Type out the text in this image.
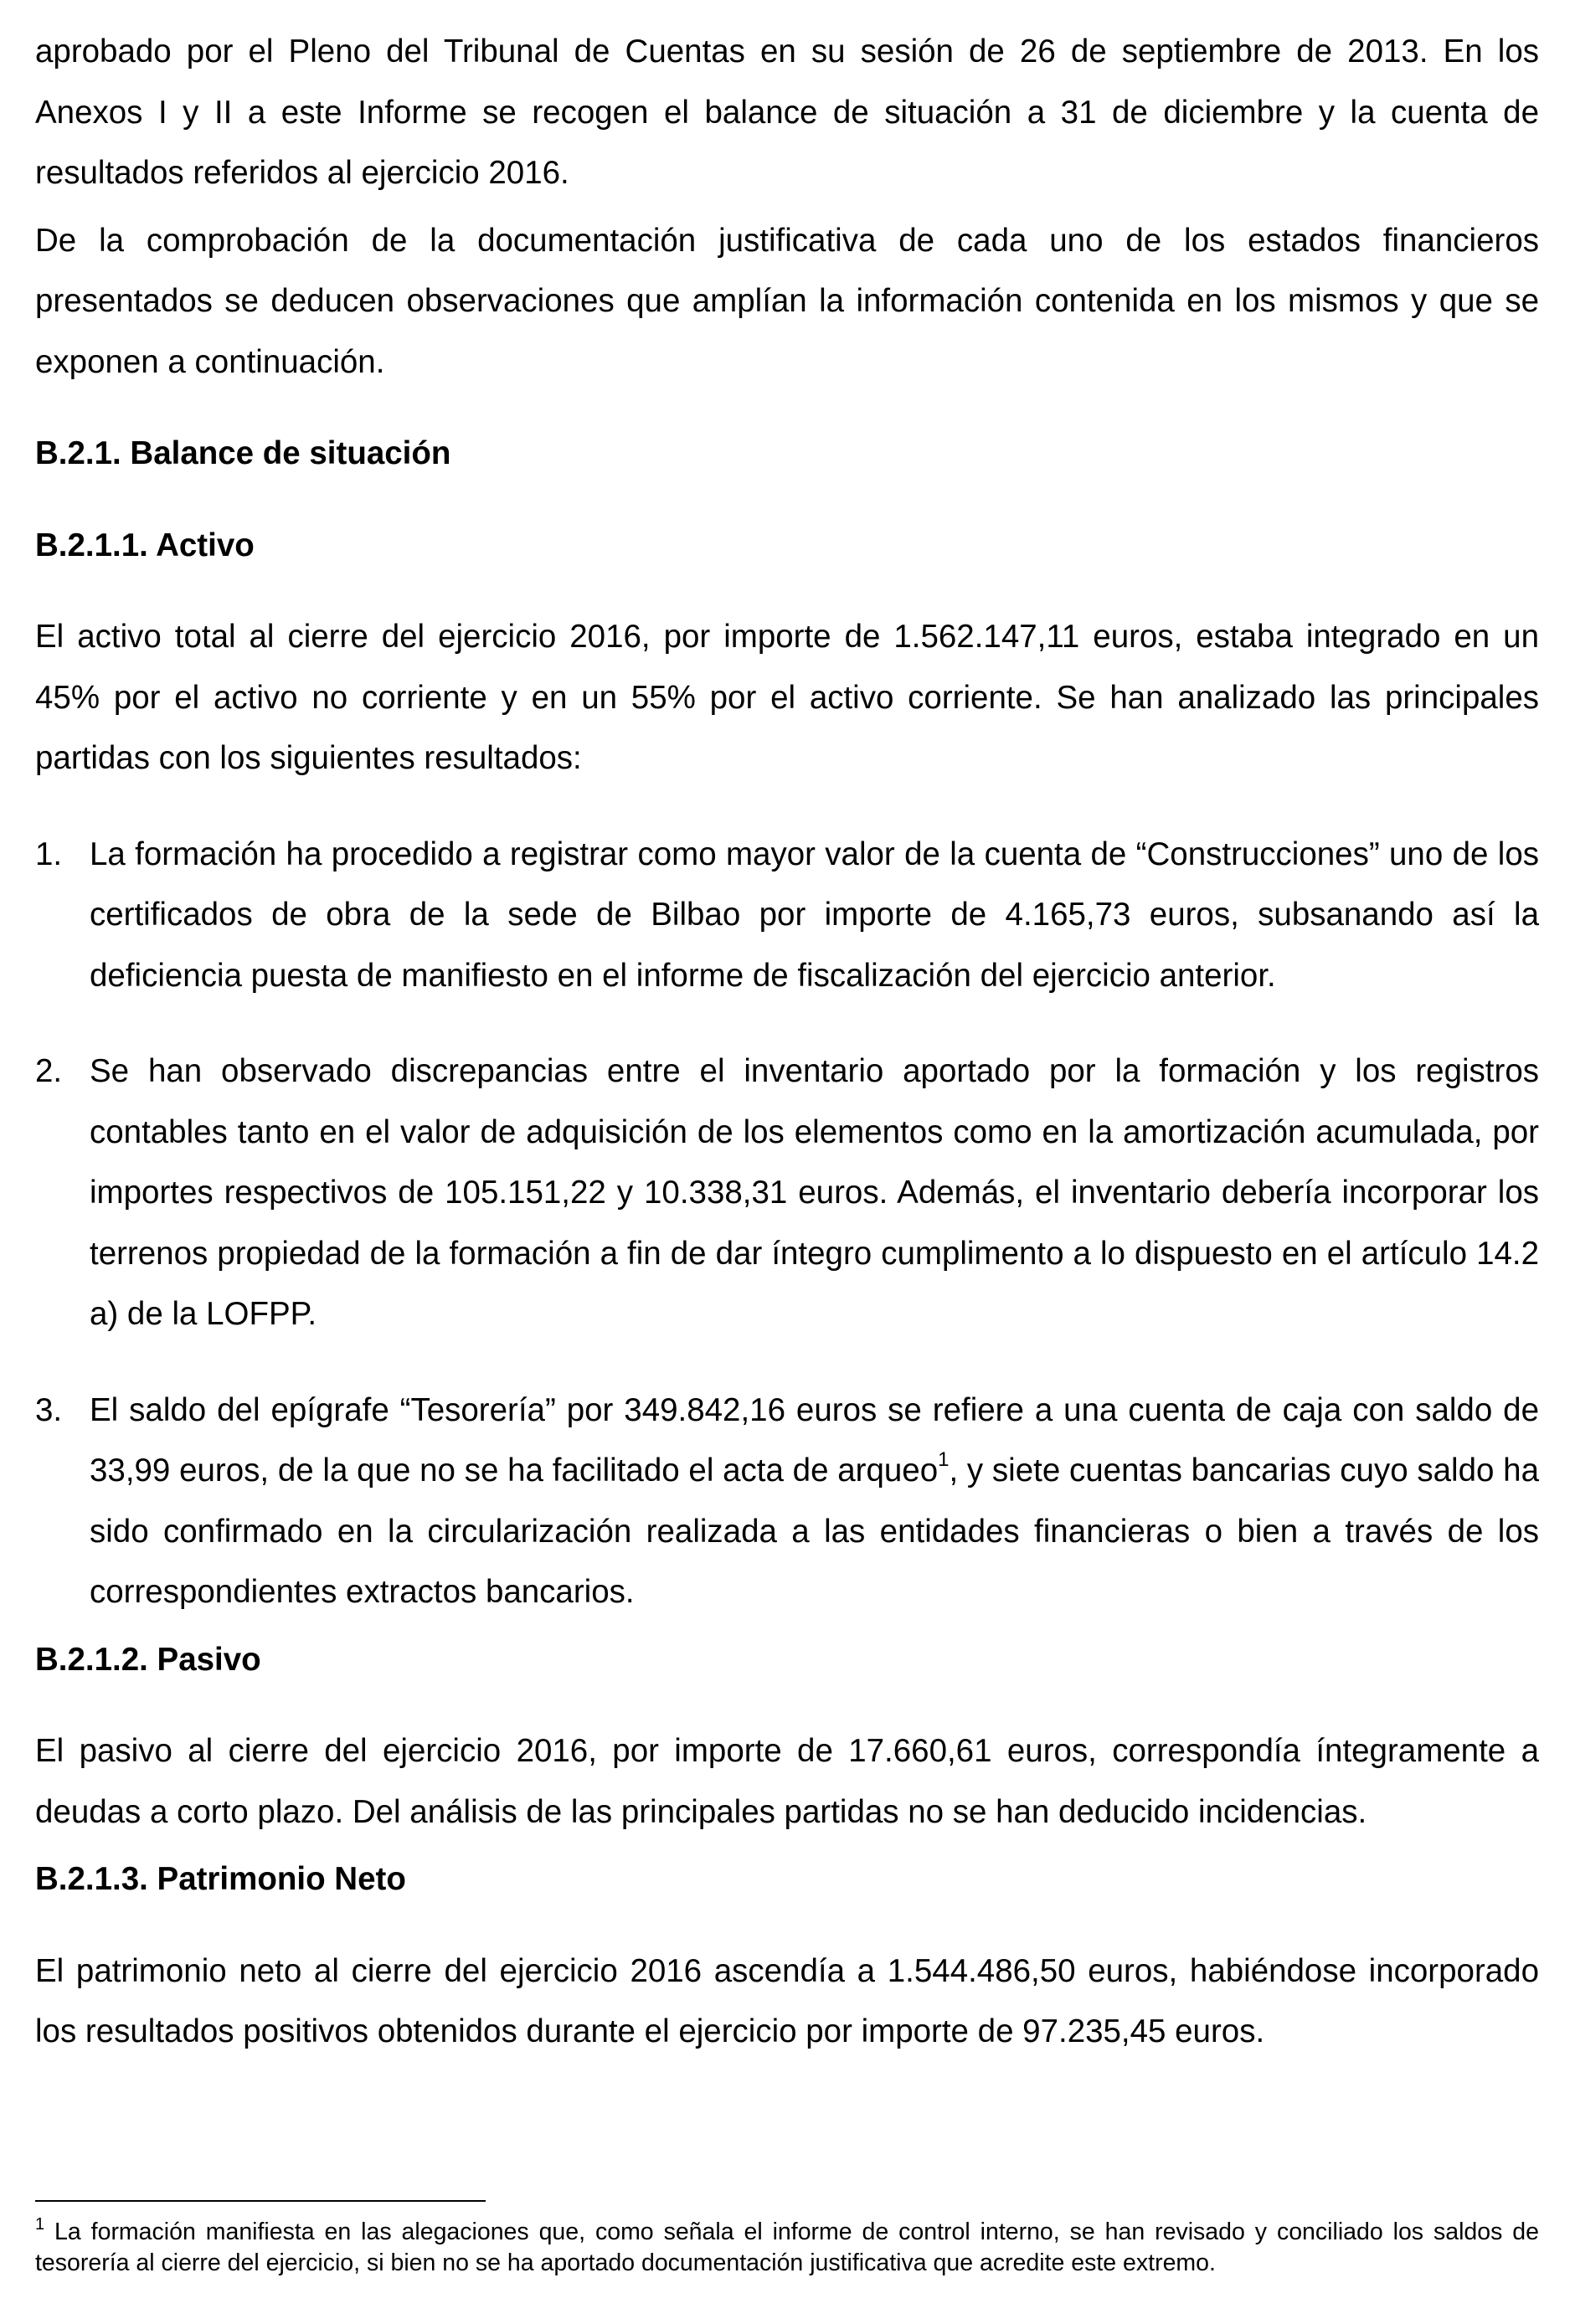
aprobado por el Pleno del Tribunal de Cuentas en su sesión de 26 de septiembre de 2013. En los Anexos I y II a este Informe se recogen el balance de situación a 31 de diciembre y la cuenta de resultados referidos al ejercicio 2016.

De la comprobación de la documentación justificativa de cada uno de los estados financieros presentados se deducen observaciones que amplían la información contenida en los mismos y que se exponen a continuación.

B.2.1. Balance de situación
B.2.1.1. Activo

El activo total al cierre del ejercicio 2016, por importe de 1.562.147,11 euros, estaba integrado en un 45% por el activo no corriente y en un 55% por el activo corriente. Se han analizado las principales partidas con los siguientes resultados:

1. La formación ha procedido a registrar como mayor valor de la cuenta de “Construcciones” uno de los certificados de obra de la sede de Bilbao por importe de 4.165,73 euros, subsanando así la deficiencia puesta de manifiesto en el informe de fiscalización del ejercicio anterior.

2. Se han observado discrepancias entre el inventario aportado por la formación y los registros contables tanto en el valor de adquisición de los elementos como en la amortización acumulada, por importes respectivos de 105.151,22 y 10.338,31 euros. Además, el inventario debería incorporar los terrenos propiedad de la formación a fin de dar íntegro cumplimento a lo dispuesto en el artículo 14.2 a) de la LOFPP.

3. El saldo del epígrafe “Tesorería” por 349.842,16 euros se refiere a una cuenta de caja con saldo de 33,99 euros, de la que no se ha facilitado el acta de arqueo$^1$, y siete cuentas bancarias cuyo saldo ha sido confirmado en la circularización realizada a las entidades financieras o bien a través de los correspondientes extractos bancarios.

B.2.1.2. Pasivo

El pasivo al cierre del ejercicio 2016, por importe de 17.660,61 euros, correspondía íntegramente a deudas a corto plazo. Del análisis de las principales partidas no se han deducido incidencias.

B.2.1.3. Patrimonio Neto

El patrimonio neto al cierre del ejercicio 2016 ascendía a 1.544.486,50 euros, habiéndose incorporado los resultados positivos obtenidos durante el ejercicio por importe de 97.235,45 euros.

$^1$ La formación manifiesta en las alegaciones que, como señala el informe de control interno, se han revisado y conciliado los saldos de tesorería al cierre del ejercicio, si bien no se ha aportado documentación justificativa que acredite este extremo.
